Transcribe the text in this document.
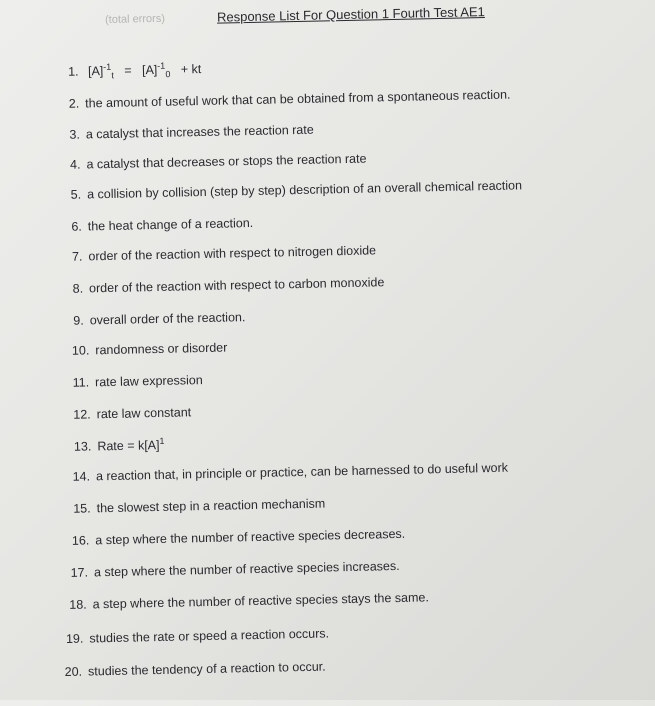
(total errors)	Response List For Question 1 Fourth Test AE1
1. $[A]^{-1}_t = [A]^{-1}_0$ + kt
2. the amount of useful work that can be obtained from a spontaneous reaction.
3. a catalyst that increases the reaction rate
4. a catalyst that decreases or stops the reaction rate
5. a collision by collision (step by step) description of an overall chemical reaction
6. the heat change of a reaction.
7. order of the reaction with respect to nitrogen dioxide
8. order of the reaction with respect to carbon monoxide
9. overall order of the reaction.
10. randomness or disorder
11. rate law expression
12. rate law constant
13. Rate = $k[A]^1$
14. a reaction that, in principle or practice, can be harnessed to do useful work
15. the slowest step in a reaction mechanism
16. a step where the number of reactive species decreases.
17. a step where the number of reactive species increases.
18. a step where the number of reactive species stays the same.
19. studies the rate or speed a reaction occurs.
20. studies the tendency of a reaction to occur.
